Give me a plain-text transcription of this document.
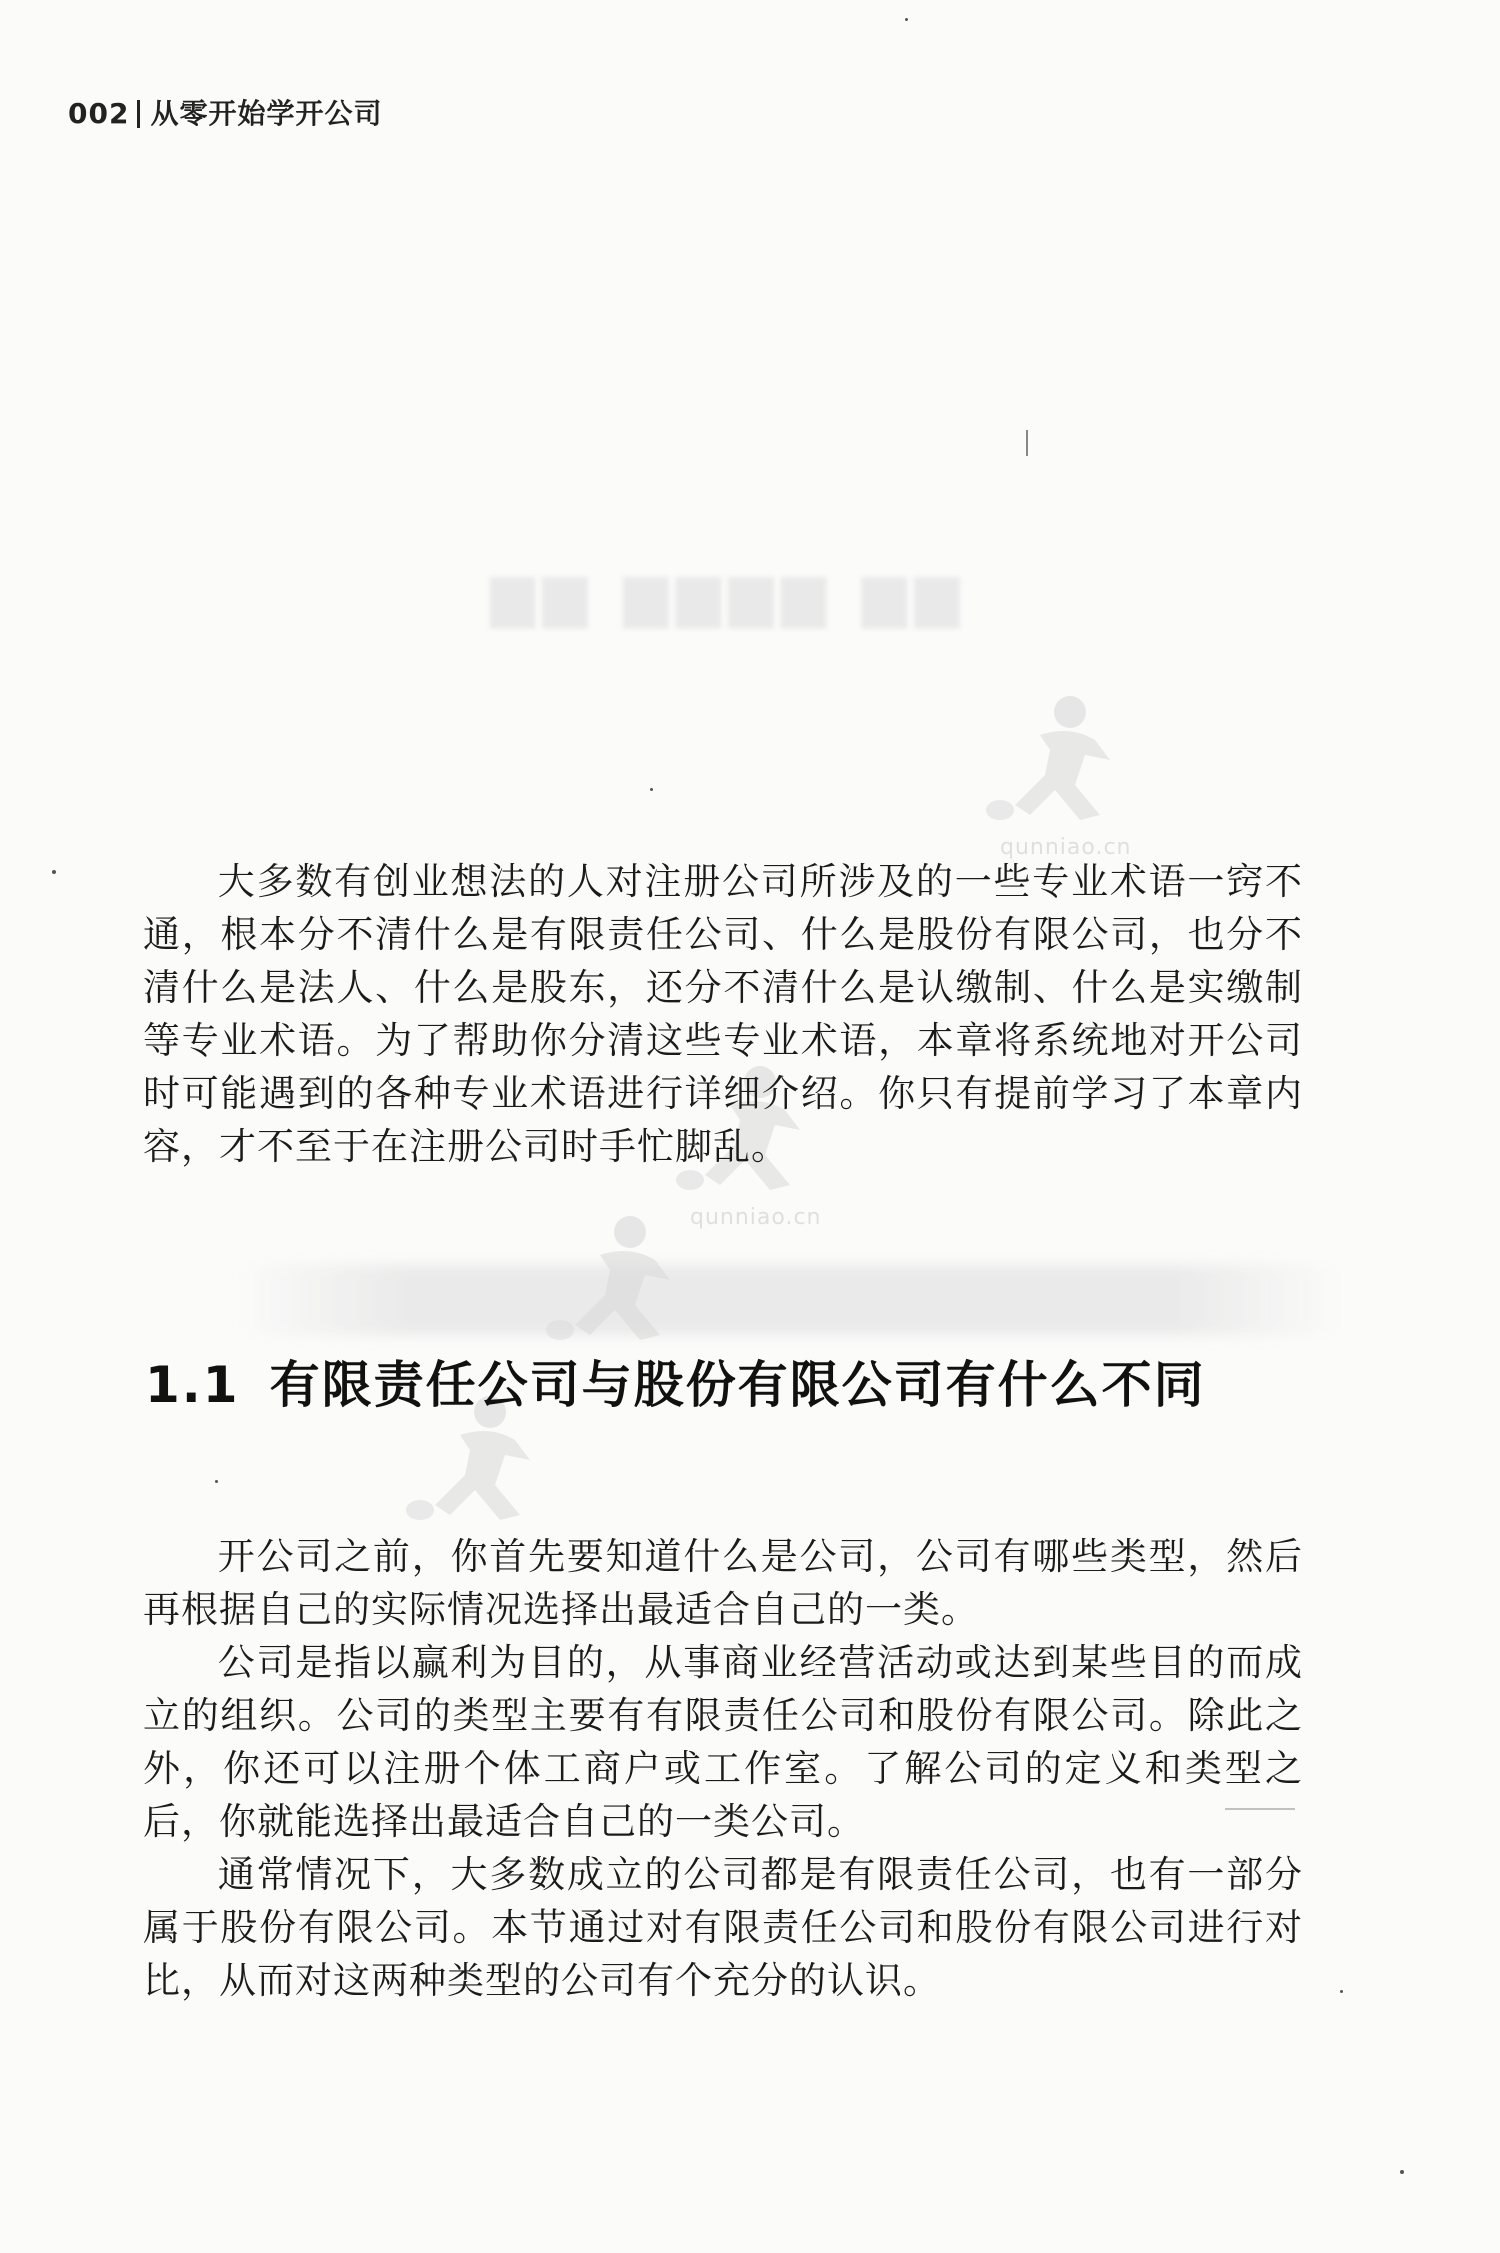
002 从零开始学开公司
▆▆ ▆▆▆▆ ▆▆
qunniao.cn
qunniao.cn

大多数有创业想法的人对注册公司所涉及的一些专业术语一窍不通，根本分不清什么是有限责任公司、什么是股份有限公司，也分不清什么是法人、什么是股东，还分不清什么是认缴制、什么是实缴制等专业术语。为了帮助你分清这些专业术语，本章将系统地对开公司时可能遇到的各种专业术语进行详细介绍。你只有提前学习了本章内容，才不至于在注册公司时手忙脚乱。

1.1 有限责任公司与股份有限公司有什么不同

开公司之前，你首先要知道什么是公司，公司有哪些类型，然后再根据自己的实际情况选择出最适合自己的一类。

公司是指以赢利为目的，从事商业经营活动或达到某些目的而成立的组织。公司的类型主要有有限责任公司和股份有限公司。除此之外，你还可以注册个体工商户或工作室。了解公司的定义和类型之后，你就能选择出最适合自己的一类公司。

通常情况下，大多数成立的公司都是有限责任公司，也有一部分属于股份有限公司。本节通过对有限责任公司和股份有限公司进行对比，从而对这两种类型的公司有个充分的认识。
